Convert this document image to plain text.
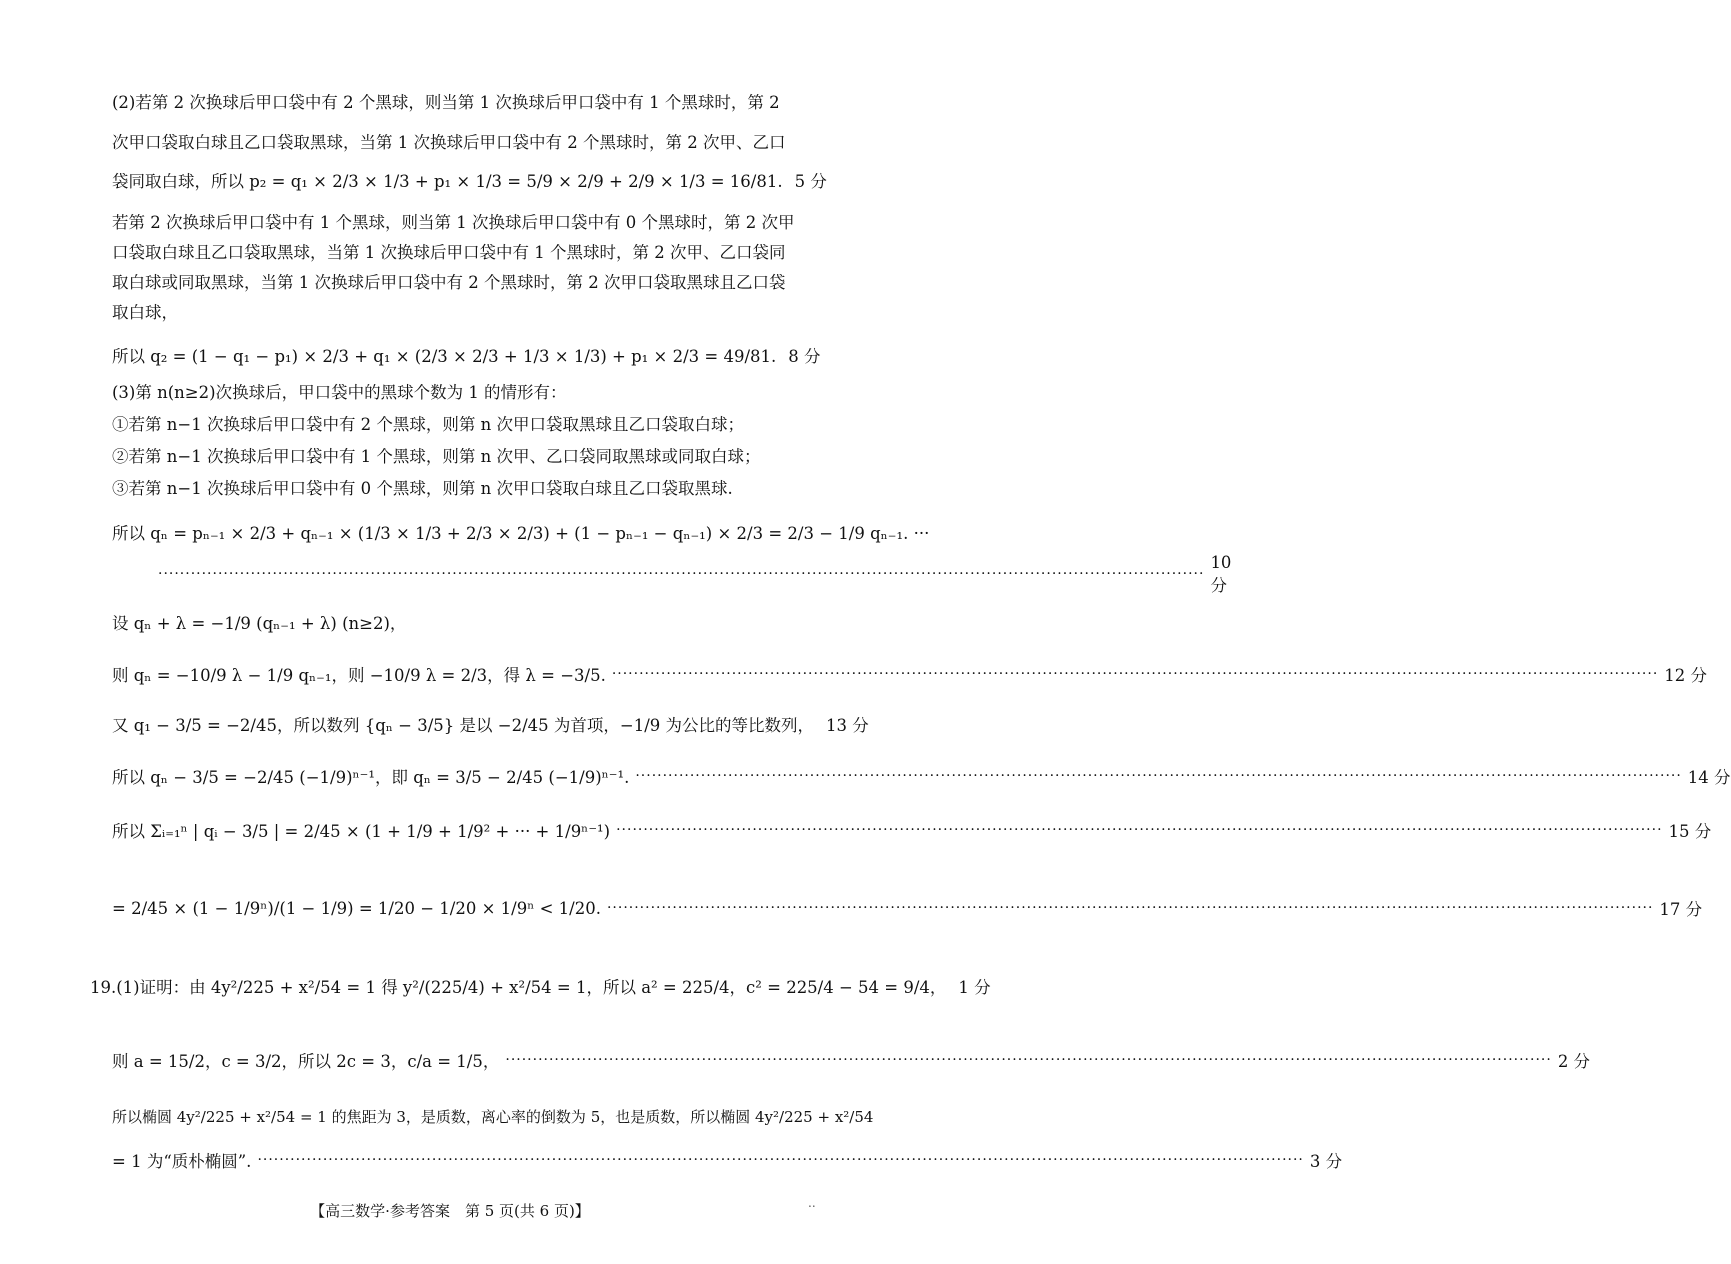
(2)若第 2 次换球后甲口袋中有 2 个黑球，则当第 1 次换球后甲口袋中有 1 个黑球时，第 2
次甲口袋取白球且乙口袋取黑球，当第 1 次换球后甲口袋中有 2 个黑球时，第 2 次甲、乙口
袋同取白球，所以 p₂ = q₁ × 2/3 × 1/3 + p₁ × 1/3 = 5/9 × 2/9 + 2/9 × 1/3 = 16/81. 5 分
若第 2 次换球后甲口袋中有 1 个黑球，则当第 1 次换球后甲口袋中有 0 个黑球时，第 2 次甲
口袋取白球且乙口袋取黑球，当第 1 次换球后甲口袋中有 1 个黑球时，第 2 次甲、乙口袋同
取白球或同取黑球，当第 1 次换球后甲口袋中有 2 个黑球时，第 2 次甲口袋取黑球且乙口袋
取白球，
所以 q₂ = (1 − q₁ − p₁) × 2/3 + q₁ × (2/3 × 2/3 + 1/3 × 1/3) + p₁ × 2/3 = 49/81. 8 分
(3)第 n(n≥2)次换球后，甲口袋中的黑球个数为 1 的情形有：
①若第 n−1 次换球后甲口袋中有 2 个黑球，则第 n 次甲口袋取黑球且乙口袋取白球；
②若第 n−1 次换球后甲口袋中有 1 个黑球，则第 n 次甲、乙口袋同取黑球或同取白球；
③若第 n−1 次换球后甲口袋中有 0 个黑球，则第 n 次甲口袋取白球且乙口袋取黑球.
所以 qₙ = pₙ₋₁ × 2/3 + qₙ₋₁ × (1/3 × 1/3 + 2/3 × 2/3) + (1 − pₙ₋₁ − qₙ₋₁) × 2/3 = 2/3 − 1/9 qₙ₋₁. ···
·····
10 分
设 qₙ + λ = −1/9 (qₙ₋₁ + λ) (n≥2)，
则 qₙ = −10/9 λ − 1/9 qₙ₋₁，则 −10/9 λ = 2/3，得 λ = −3/5. ·····	12 分
又 q₁ − 3/5 = −2/45，所以数列 {qₙ − 3/5} 是以 −2/45 为首项，−1/9 为公比的等比数列， 13 分
所以 qₙ − 3/5 = −2/45 (−1/9)ⁿ⁻¹，即 qₙ = 3/5 − 2/45 (−1/9)ⁿ⁻¹. ·····	14 分
所以 Σᵢ₌₁ⁿ | qᵢ − 3/5 | = 2/45 × (1 + 1/9 + 1/9² + ··· + 1/9ⁿ⁻¹) ·····	15 分
= 2/45 × (1 − 1/9ⁿ)/(1 − 1/9) = 1/20 − 1/20 × 1/9ⁿ < 1/20. ·····	17 分
19.(1)证明：由 4y²/225 + x²/54 = 1 得 y²/(225/4) + x²/54 = 1，所以 a² = 225/4，c² = 225/4 − 54 = 9/4， 1 分
则 a = 15/2，c = 3/2，所以 2c = 3，c/a = 1/5， ·····	2 分
所以椭圆 4y²/225 + x²/54 = 1 的焦距为 3，是质数，离心率的倒数为 5，也是质数，所以椭圆 4y²/225 + x²/54
= 1 为“质朴椭圆”. ·····	3 分
【高三数学·参考答案　第 5 页(共 6 页)】	..
